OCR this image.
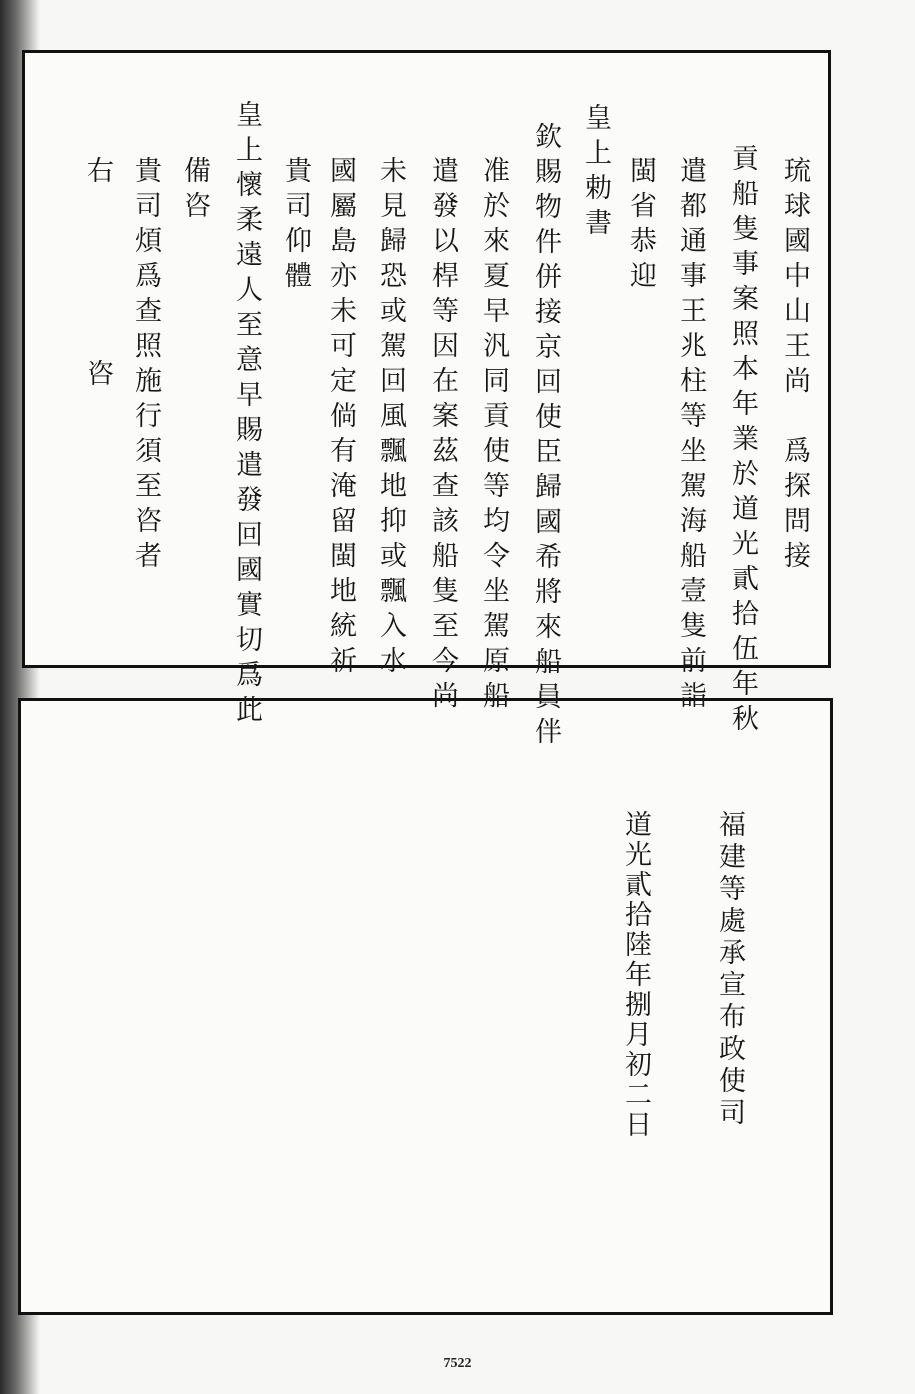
琉球國中山王尚　爲探問接

貢船隻事案照本年業於道光貳拾伍年秋

遣都通事王兆柱等坐駕海船壹隻前詣

閩省恭迎

皇上勅書

欽賜物件併接京回使臣歸國希將來船員伴

准於來夏早汎同貢使等均令坐駕原船

遣發以桿等因在案茲查該船隻至今尚

未見歸恐或駕回風飄地抑或飄入水

國屬島亦未可定倘有淹留閩地統祈

貴司仰體

皇上懷柔遠人至意早賜遣發回國實切爲此

備咨

貴司煩爲查照施行須至咨者

右　　　　　　咨

福建等處承宣布政使司

道光貳拾陸年捌月初二日

7522
